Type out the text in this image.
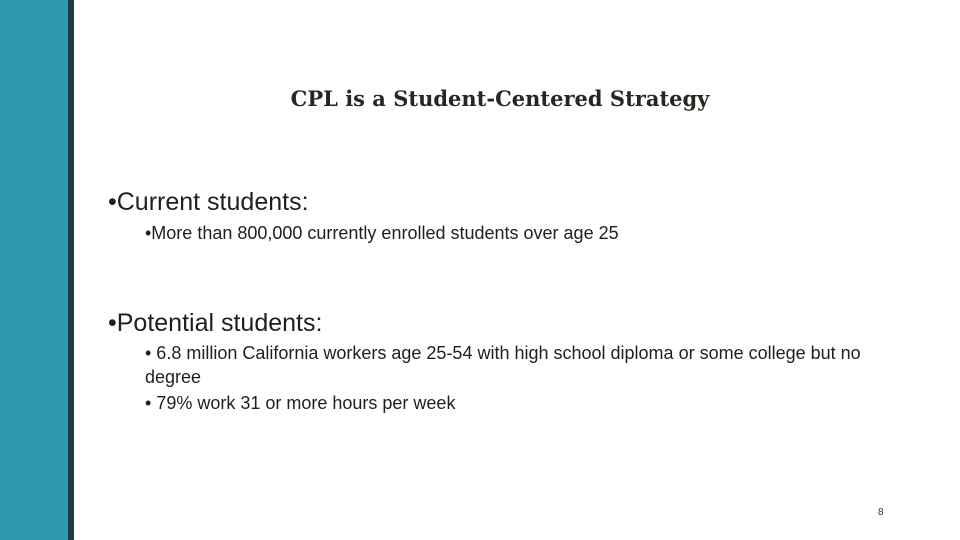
CPL is a Student-Centered Strategy

•Current students:

•More than 800,000 currently enrolled students over age 25

•Potential students:

• 6.8 million California workers age 25-54 with high school diploma or some college but no degree

• 79% work 31 or more hours per week

8
